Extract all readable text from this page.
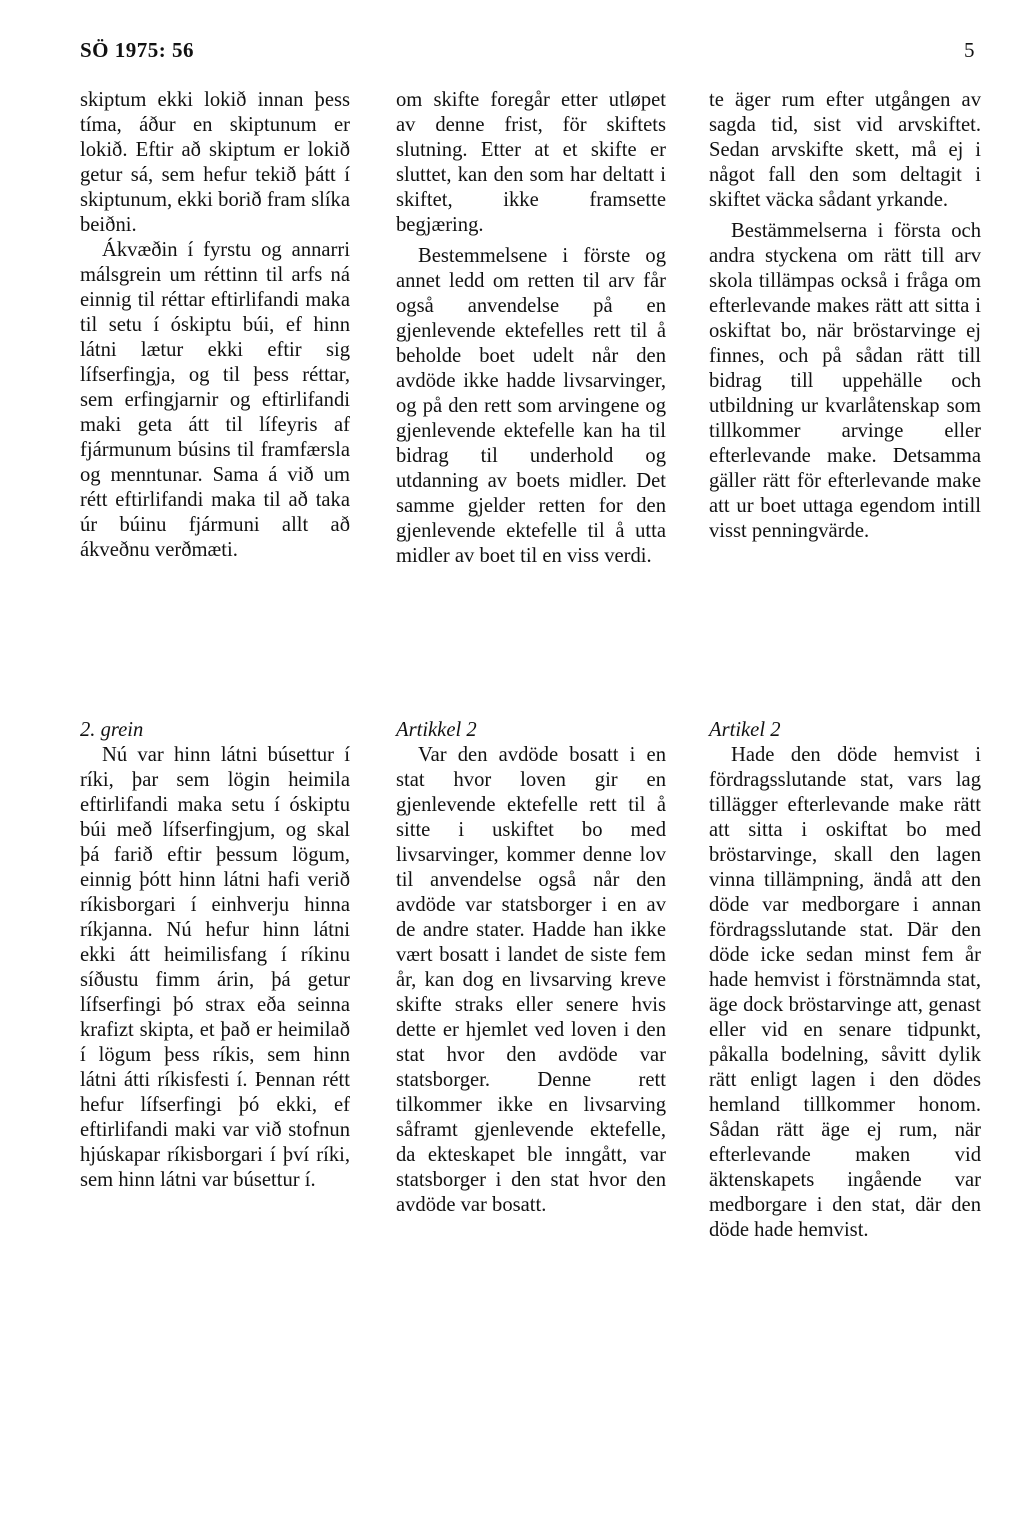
SÖ 1975: 56	5

skiptum ekki lokið innan þess tíma, áður en skiptunum er lokið. Eftir að skiptum er lokið getur sá, sem hefur tekið þátt í skiptunum, ekki borið fram slíka beiðni.

Ákvæðin í fyrstu og annarri málsgrein um réttinn til arfs ná einnig til réttar eftirlifandi maka til setu í óskiptu búi, ef hinn látni lætur ekki eftir sig lífserfingja, og til þess réttar, sem erfingjarnir og eftirlifandi maki geta átt til lífeyris af fjármunum búsins til framfærsla og menntunar. Sama á við um rétt eftirlifandi maka til að taka úr búinu fjármuni allt að ákveðnu verðmæti.

om skifte foregår etter utløpet av denne frist, för skiftets slutning. Etter at et skifte er sluttet, kan den som har deltatt i skiftet, ikke framsette begjæring.

Bestemmelsene i förste og annet ledd om retten til arv får også anvendelse på en gjenlevende ektefelles rett til å beholde boet udelt når den avdöde ikke hadde livsarvinger, og på den rett som arvingene og gjenlevende ektefelle kan ha til bidrag til underhold og utdanning av boets midler. Det samme gjelder retten for den gjenlevende ektefelle til å utta midler av boet til en viss verdi.

te äger rum efter utgången av sagda tid, sist vid arvskiftet. Sedan arvskifte skett, må ej i något fall den som deltagit i skiftet väcka sådant yrkande.

Bestämmelserna i första och andra styckena om rätt till arv skola tillämpas också i fråga om efterlevande makes rätt att sitta i oskiftat bo, när bröstarvinge ej finnes, och på sådan rätt till bidrag till uppehälle och utbildning ur kvarlåtenskap som tillkommer arvinge eller efterlevande make. Detsamma gäller rätt för efterlevande make att ur boet uttaga egendom intill visst penningvärde.

2. grein

Nú var hinn látni búsettur í ríki, þar sem lögin heimila eftirlifandi maka setu í óskiptu búi með lífserfingjum, og skal þá farið eftir þessum lögum, einnig þótt hinn látni hafi verið ríkisborgari í einhverju hinna ríkjanna. Nú hefur hinn látni ekki átt heimilisfang í ríkinu síðustu fimm árin, þá getur lífserfingi þó strax eða seinna krafizt skipta, et það er heimilað í lögum þess ríkis, sem hinn látni átti ríkisfesti í. Þennan rétt hefur lífserfingi þó ekki, ef eftirlifandi maki var við stofnun hjúskapar ríkisborgari í því ríki, sem hinn látni var búsettur í.

Artikkel 2

Var den avdöde bosatt i en stat hvor loven gir en gjenlevende ektefelle rett til å sitte i uskiftet bo med livsarvinger, kommer denne lov til anvendelse også når den avdöde var statsborger i en av de andre stater. Hadde han ikke vært bosatt i landet de siste fem år, kan dog en livsarving kreve skifte straks eller senere hvis dette er hjemlet ved loven i den stat hvor den avdöde var statsborger. Denne rett tilkommer ikke en livsarving såframt gjenlevende ektefelle, da ekteskapet ble inngått, var statsborger i den stat hvor den avdöde var bosatt.

Artikel 2

Hade den döde hemvist i fördragsslutande stat, vars lag tillägger efterlevande make rätt att sitta i oskiftat bo med bröstarvinge, skall den lagen vinna tillämpning, ändå att den döde var medborgare i annan fördragsslutande stat. Där den döde icke sedan minst fem år hade hemvist i förstnämnda stat, äge dock bröstarvinge att, genast eller vid en senare tidpunkt, påkalla bodelning, såvitt dylik rätt enligt lagen i den dödes hemland tillkommer honom. Sådan rätt äge ej rum, när efterlevande maken vid äktenskapets ingående var medborgare i den stat, där den döde hade hemvist.
